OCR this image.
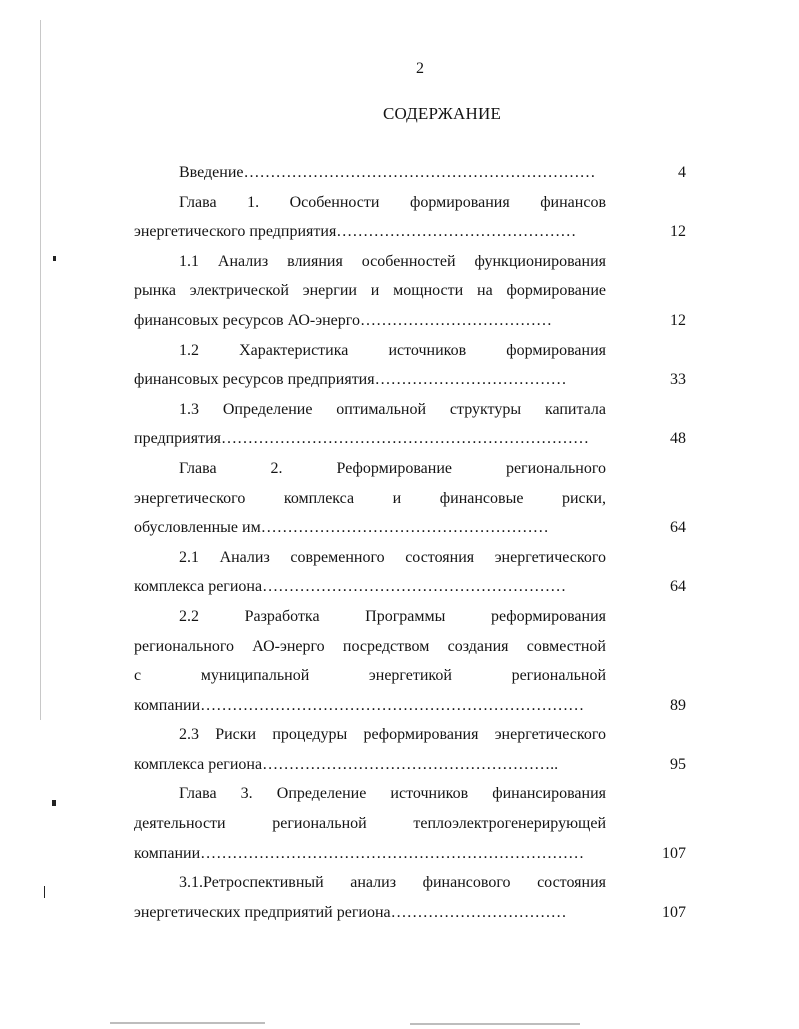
2
СОДЕРЖАНИЕ
Введение…………………………………………………………	4
Глава 1. Особенности формирования финансов
энергетического предприятия………………………………………	12
1.1 Анализ влияния особенностей функционирования
рынка электрической энергии и мощности на формирование
финансовых ресурсов АО-энерго………………………………	12
1.2 Характеристика источников формирования
финансовых ресурсов предприятия………………………………	33
1.3 Определение оптимальной структуры капитала
предприятия……………………………………………………………	48
Глава 2. Реформирование регионального
энергетического комплекса и финансовые риски,
обусловленные им………………………………………………	64
2.1 Анализ современного состояния энергетического
комплекса региона…………………………………………………	64
2.2 Разработка Программы реформирования
регионального АО-энерго посредством создания совместной
с муниципальной энергетикой региональной
компании………………………………………………………………	89
2.3 Риски процедуры реформирования энергетического
комплекса региона………………………………………………..	95
Глава 3. Определение источников финансирования
деятельности региональной теплоэлектрогенерирующей
компании………………………………………………………………	107
3.1.Ретроспективный анализ финансового состояния
энергетических предприятий региона……………………………	107
